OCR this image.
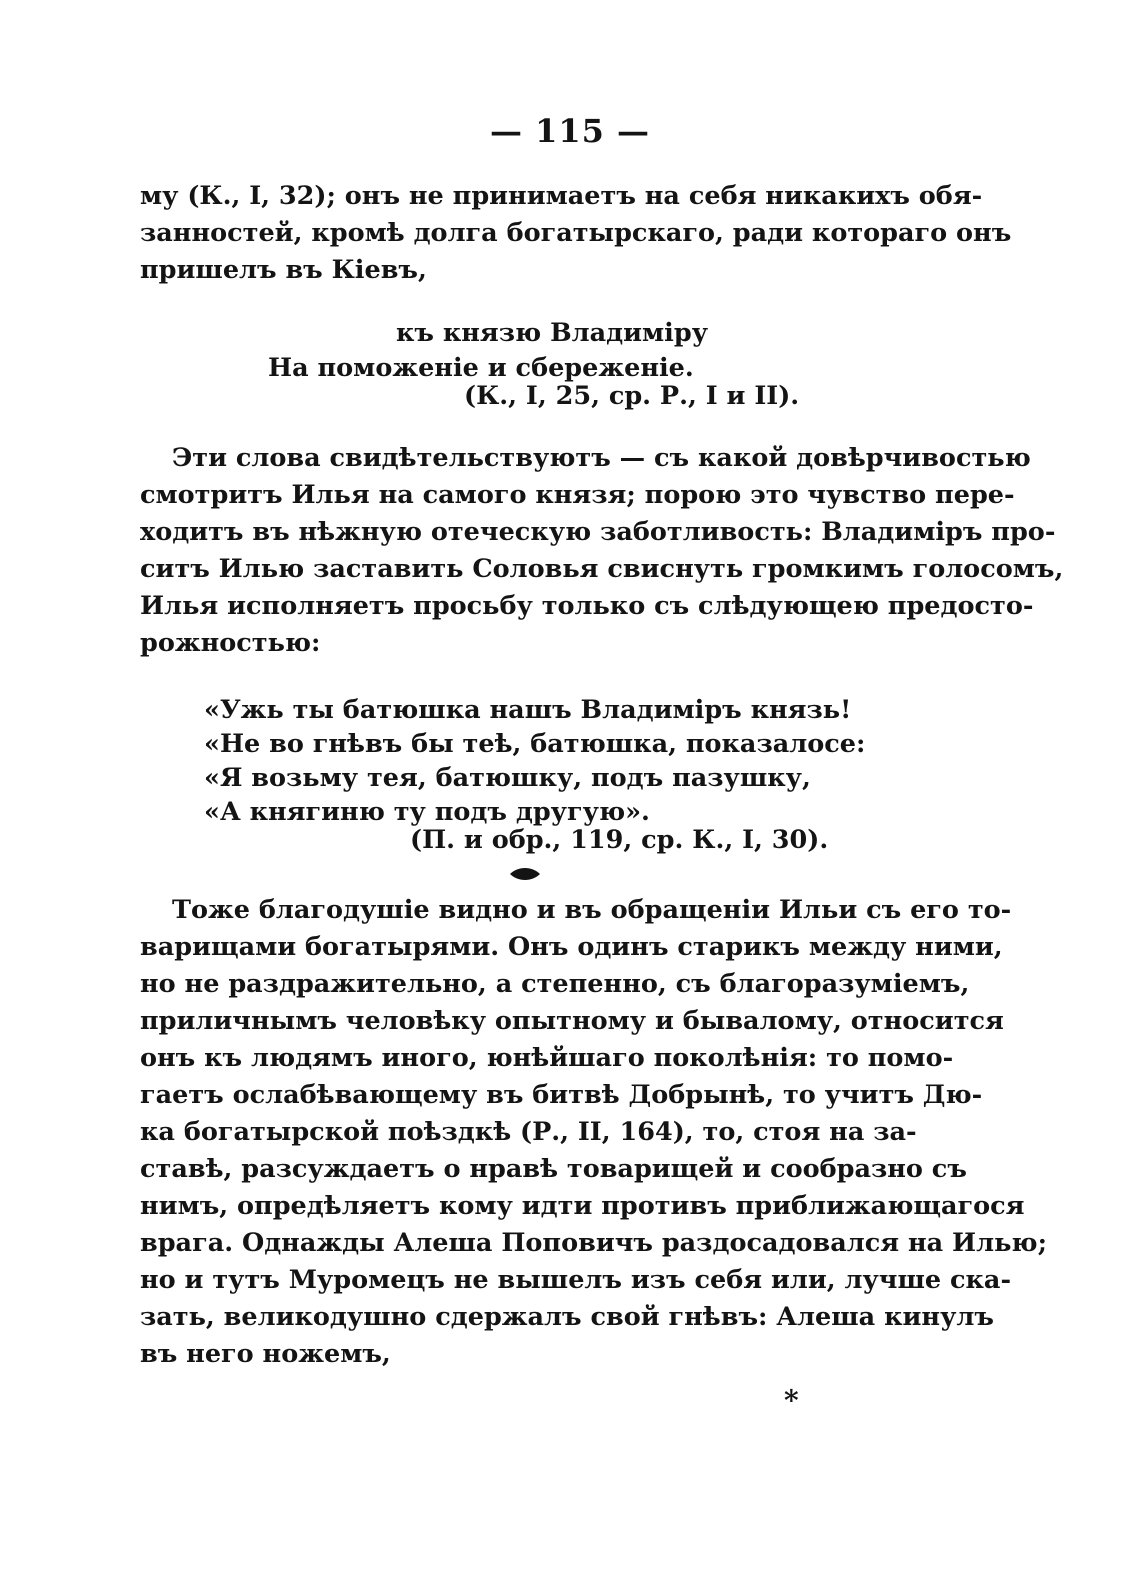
— 115 —
му (К., I, 32); онъ не принимаетъ на себя никакихъ обя-
занностей, кромѣ долга богатырскаго, ради котораго онъ
пришелъ въ Кіевъ,
къ князю Владиміру
На поможеніе и сбереженіе.
(К., I, 25, ср. Р., I и II).
Эти слова свидѣтельствуютъ — съ какой довѣрчивостью
смотритъ Илья на самого князя; порою это чувство пере-
ходитъ въ нѣжную отеческую заботливость: Владиміръ про-
ситъ Илью заставить Соловья свиснуть громкимъ голосомъ,
Илья исполняетъ просьбу только съ слѣдующею предосто-
рожностью:
«Ужь ты батюшка нашъ Владиміръ князь!
«Не во гнѣвъ бы теѣ, батюшка, показалосе:
«Я возьму тея, батюшку, подъ пазушку,
«А княгиню ту подъ другую».
(П. и обр., 119, ср. К., I, 30).
Тоже благодушіе видно и въ обращеніи Ильи съ его то-
варищами богатырями. Онъ одинъ старикъ между ними,
но не раздражительно, а степенно, съ благоразуміемъ,
приличнымъ человѣку опытному и бывалому, относится
онъ къ людямъ иного, юнѣйшаго поколѣнія: то помо-
гаетъ ослабѣвающему въ битвѣ Добрынѣ, то учитъ Дю-
ка богатырской поѣздкѣ (Р., II, 164), то, стоя на за-
ставѣ, разсуждаетъ о нравѣ товарищей и сообразно съ
нимъ, опредѣляетъ кому идти противъ приближающагося
врага. Однажды Алеша Поповичъ раздосадовался на Илью;
но и тутъ Муромецъ не вышелъ изъ себя или, лучше ска-
зать, великодушно сдержалъ свой гнѣвъ: Алеша кинулъ
въ него ножемъ,
*
